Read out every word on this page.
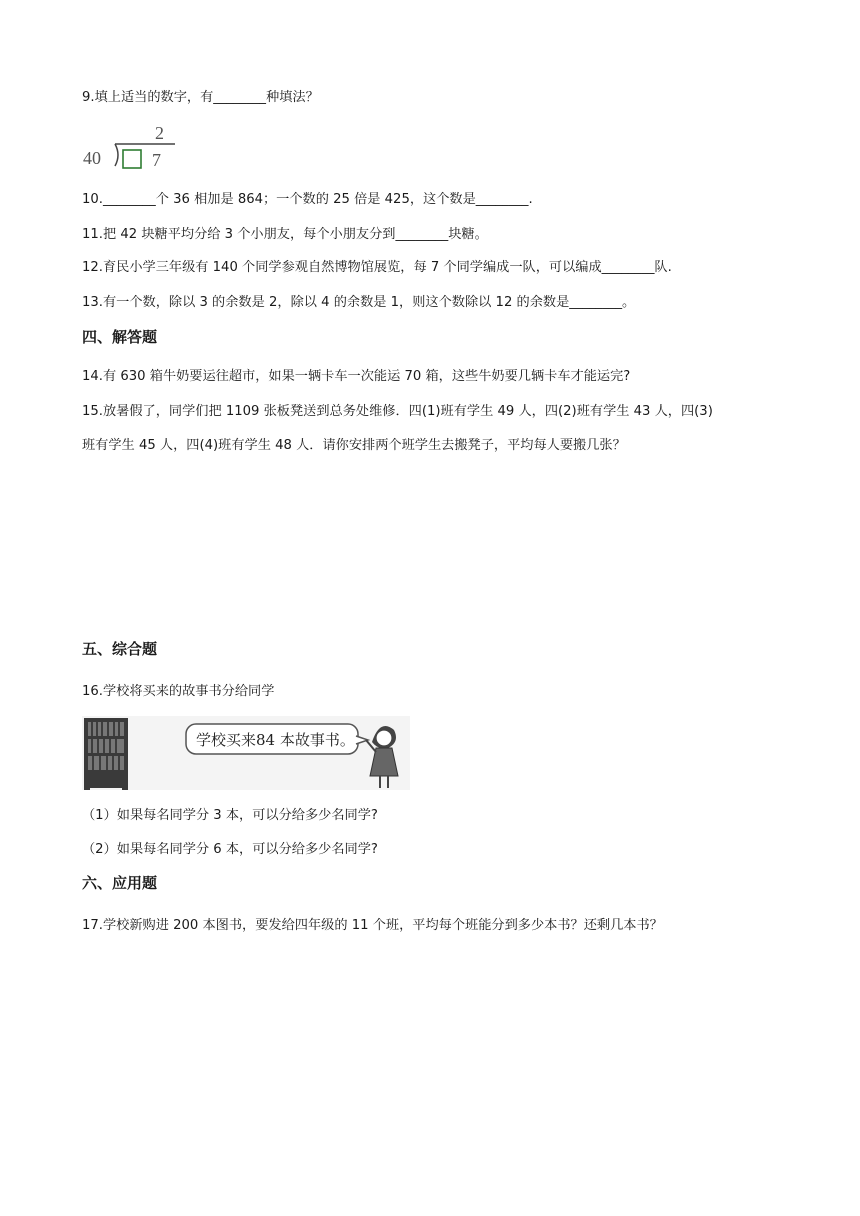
9.填上适当的数字，有________种填法？
2
40	7
10.________个 36 相加是 864；一个数的 25 倍是 425，这个数是________.
11.把 42 块糖平均分给 3 个小朋友，每个小朋友分到________块糖。
12.育民小学三年级有 140 个同学参观自然博物馆展览，每 7 个同学编成一队，可以编成________队.
13.有一个数，除以 3 的余数是 2，除以 4 的余数是 1，则这个数除以 12 的余数是________。
四、解答题
14.有 630 箱牛奶要运往超市，如果一辆卡车一次能运 70 箱，这些牛奶要几辆卡车才能运完?
15.放暑假了，同学们把 1109 张板凳送到总务处维修．四(1)班有学生 49 人，四(2)班有学生 43 人，四(3)
班有学生 45 人，四(4)班有学生 48 人．请你安排两个班学生去搬凳子，平均每人要搬几张？
五、综合题
16.学校将买来的故事书分给同学
学校买来84 本故事书。
（1）如果每名同学分 3 本，可以分给多少名同学?
（2）如果每名同学分 6 本，可以分给多少名同学?
六、应用题
17.学校新购进 200 本图书，要发给四年级的 11 个班，平均每个班能分到多少本书？还剩几本书？
